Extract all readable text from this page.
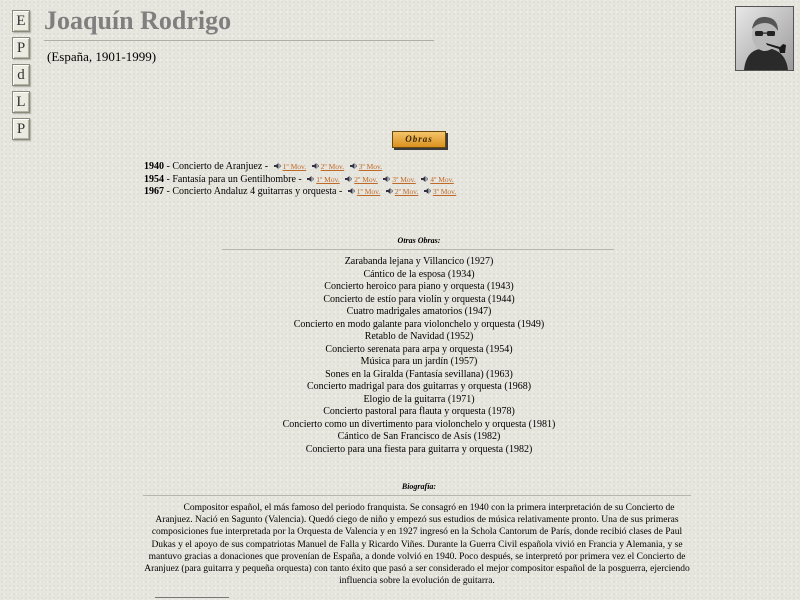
E
P
d
L
P
Joaquín Rodrigo
(España, 1901-1999)
Obras
1940 - Concierto de Aranjuez - 1º Mov. 2º Mov. 3º Mov.
1954 - Fantasía para un Gentilhombre - 1º Mov. 2º Mov. 3º Mov. 4º Mov.
1967 - Concierto Andaluz 4 guitarras y orquesta - 1º Mov. 2º Mov. 3º Mov.
Otras Obras:
Zarabanda lejana y Villancico (1927)
Cántico de la esposa (1934)
Concierto heroico para piano y orquesta (1943)
Concierto de estío para violín y orquesta (1944)
Cuatro madrigales amatorios (1947)
Concierto en modo galante para violonchelo y orquesta (1949)
Retablo de Navidad (1952)
Concierto serenata para arpa y orquesta (1954)
Música para un jardín (1957)
Sones en la Giralda (Fantasía sevillana) (1963)
Concierto madrigal para dos guitarras y orquesta (1968)
Elogio de la guitarra (1971)
Concierto pastoral para flauta y orquesta (1978)
Concierto como un divertimento para violonchelo y orquesta (1981)
Cántico de San Francisco de Asís (1982)
Concierto para una fiesta para guitarra y orquesta (1982)
Biografía:

Compositor español, el más famoso del periodo franquista. Se consagró en 1940 con la primera interpretación de su Concierto de Aranjuez. Nació en Sagunto (Valencia). Quedó ciego de niño y empezó sus estudios de música relativamente pronto. Una de sus primeras composiciones fue interpretada por la Orquesta de Valencia y en 1927 ingresó en la Schola Cantorum de París, donde recibió clases de Paul Dukas y el apoyo de sus compatriotas Manuel de Falla y Ricardo Viñes. Durante la Guerra Civil española vivió en Francia y Alemania, y se mantuvo gracias a donaciones que provenían de España, a donde volvió en 1940. Poco después, se interpretó por primera vez el Concierto de Aranjuez (para guitarra y pequeña orquesta) con tanto éxito que pasó a ser considerado el mejor compositor español de la posguerra, ejerciendo influencia sobre la evolución de guitarra.
